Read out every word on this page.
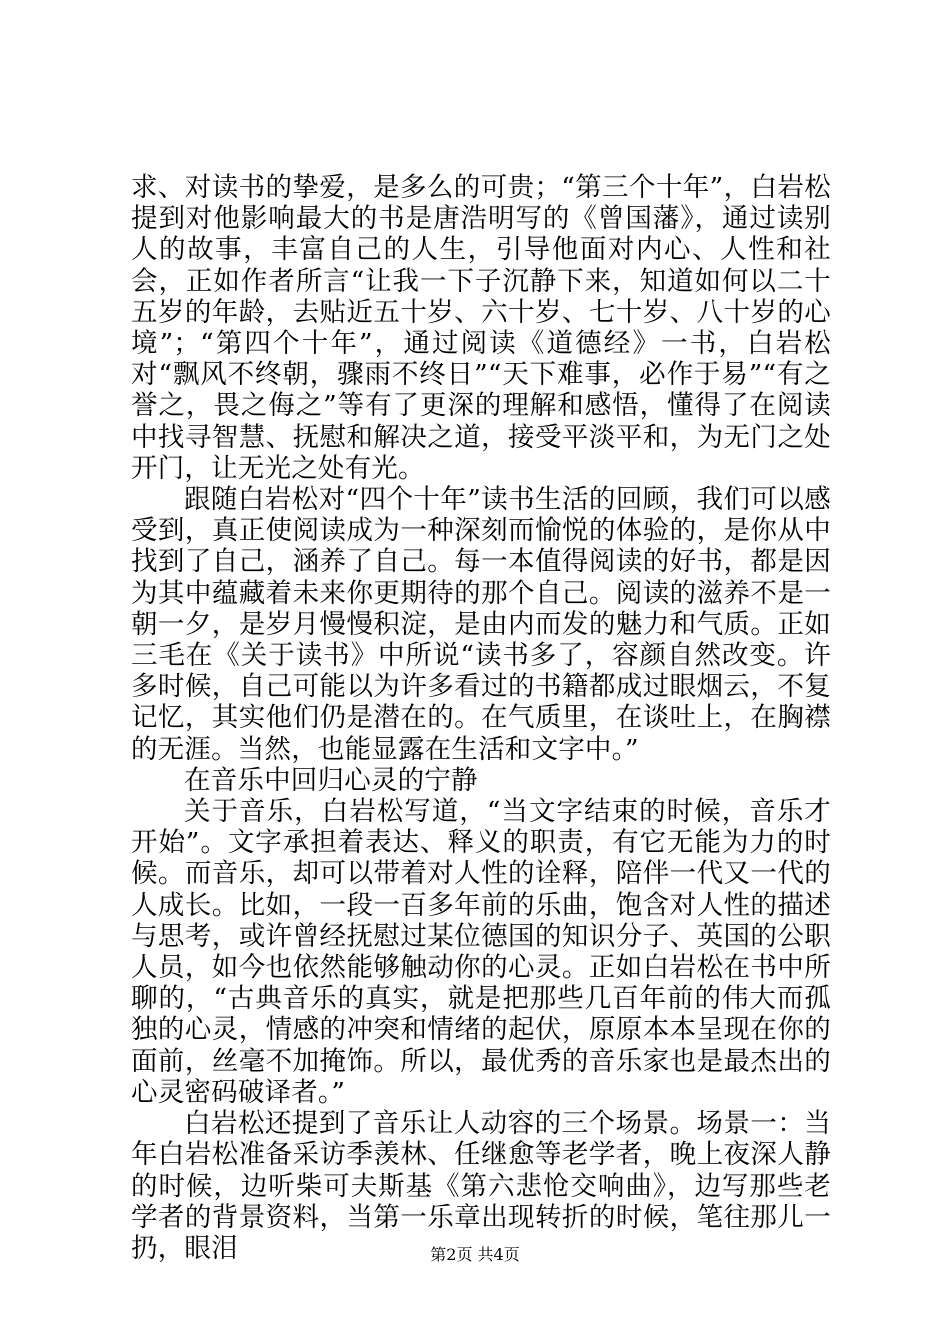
求、对读书的挚爱，是多么的可贵；“第三个十年”，白岩松提到对他影响最大的书是唐浩明写的《曾国藩》，通过读别人的故事，丰富自己的人生，引导他面对内心、人性和社会，正如作者所言“让我一下子沉静下来，知道如何以二十五岁的年龄，去贴近五十岁、六十岁、七十岁、八十岁的心境”；“第四个十年”，通过阅读《道德经》一书，白岩松对“飘风不终朝，骤雨不终日”“天下难事，必作于易”“有之誉之，畏之侮之”等有了更深的理解和感悟，懂得了在阅读中找寻智慧、抚慰和解决之道，接受平淡平和，为无门之处开门，让无光之处有光。

跟随白岩松对“四个十年”读书生活的回顾，我们可以感受到，真正使阅读成为一种深刻而愉悦的体验的，是你从中找到了自己，涵养了自己。每一本值得阅读的好书，都是因为其中蕴藏着未来你更期待的那个自己。阅读的滋养不是一朝一夕，是岁月慢慢积淀，是由内而发的魅力和气质。正如三毛在《关于读书》中所说“读书多了，容颜自然改变。许多时候，自己可能以为许多看过的书籍都成过眼烟云，不复记忆，其实他们仍是潜在的。在气质里，在谈吐上，在胸襟的无涯。当然，也能显露在生活和文字中。”

在音乐中回归心灵的宁静

关于音乐，白岩松写道，“当文字结束的时候，音乐才开始”。文字承担着表达、释义的职责，有它无能为力的时候。而音乐，却可以带着对人性的诠释，陪伴一代又一代的人成长。比如，一段一百多年前的乐曲，饱含对人性的描述与思考，或许曾经抚慰过某位德国的知识分子、英国的公职人员，如今也依然能够触动你的心灵。正如白岩松在书中所聊的，“古典音乐的真实，就是把那些几百年前的伟大而孤独的心灵，情感的冲突和情绪的起伏，原原本本呈现在你的面前，丝毫不加掩饰。所以，最优秀的音乐家也是最杰出的心灵密码破译者。”

白岩松还提到了音乐让人动容的三个场景。场景一：当年白岩松准备采访季羡林、任继愈等老学者，晚上夜深人静的时候，边听柴可夫斯基《第六悲怆交响曲》，边写那些老学者的背景资料，当第一乐章出现转折的时候，笔往那儿一扔，眼泪	第2页 共4页
